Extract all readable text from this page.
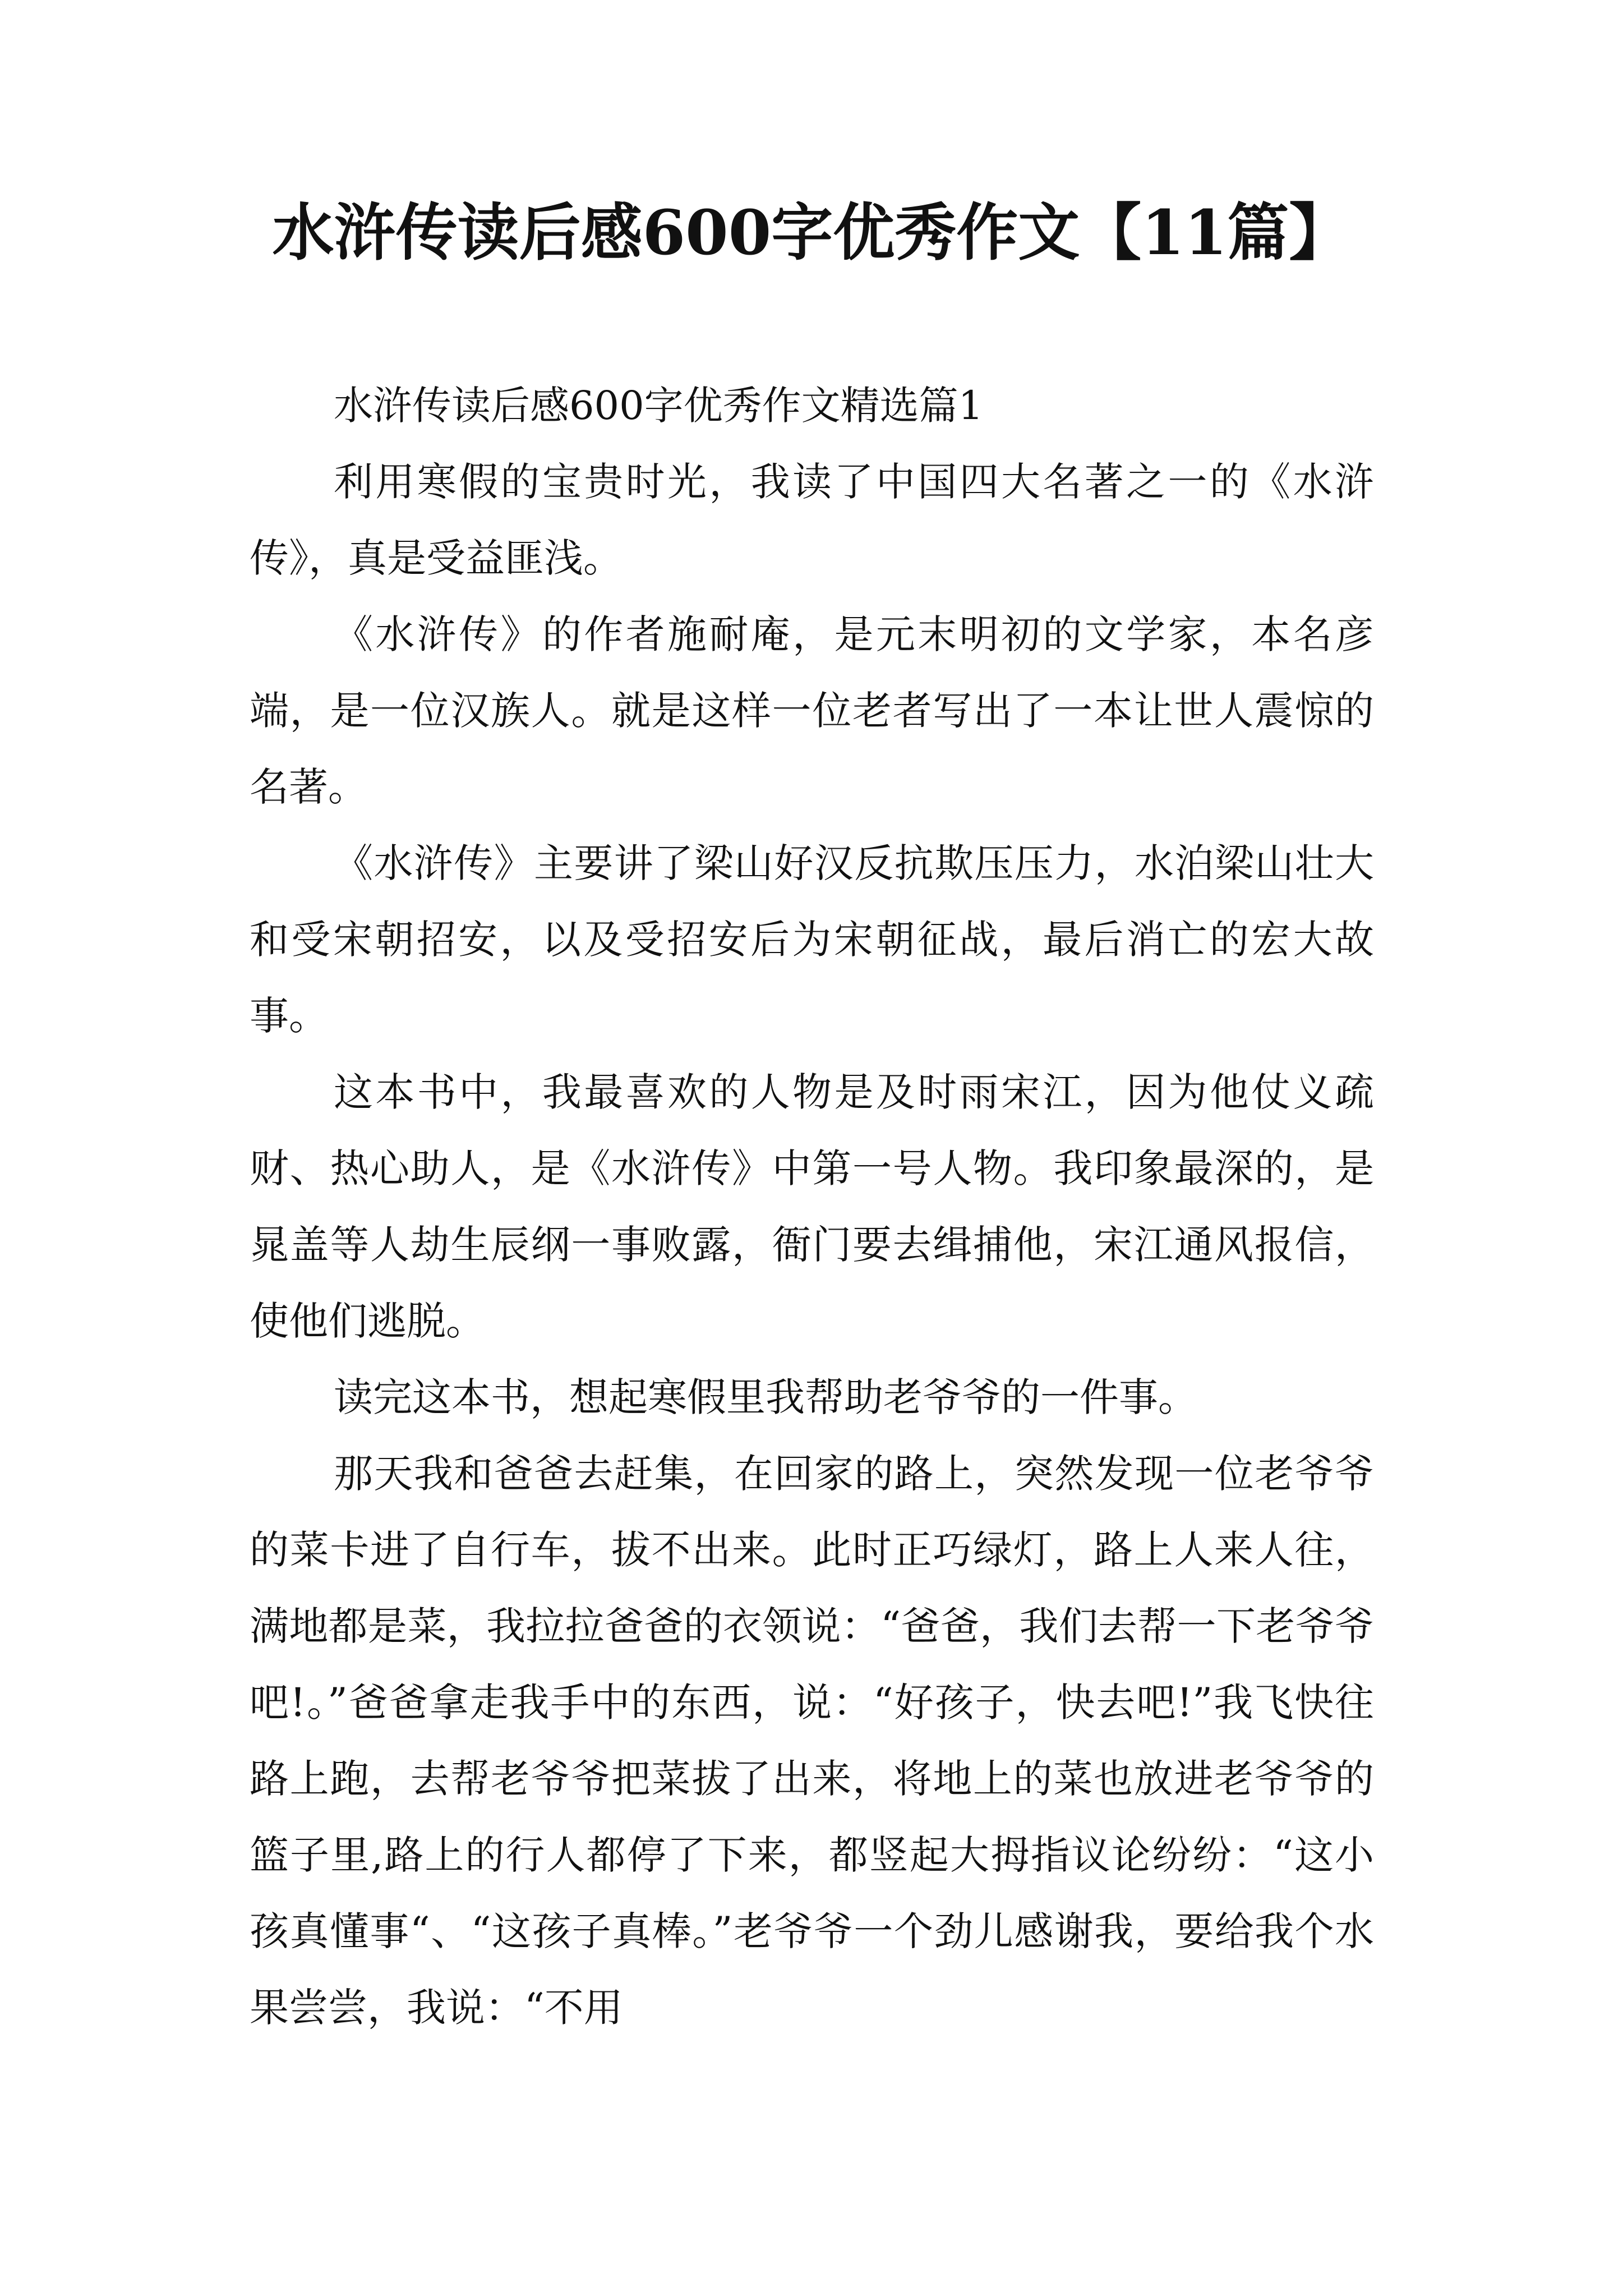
水浒传读后感600字优秀作文【11篇】

水浒传读后感600字优秀作文精选篇1

利用寒假的宝贵时光，我读了中国四大名著之一的《水浒传》，真是受益匪浅。

《水浒传》的作者施耐庵，是元末明初的文学家，本名彦端，是一位汉族人。就是这样一位老者写出了一本让世人震惊的名著。

《水浒传》主要讲了梁山好汉反抗欺压压力，水泊梁山壮大和受宋朝招安，以及受招安后为宋朝征战，最后消亡的宏大故事。

这本书中，我最喜欢的人物是及时雨宋江，因为他仗义疏财、热心助人，是《水浒传》中第一号人物。我印象最深的，是晁盖等人劫生辰纲一事败露，衙门要去缉捕他，宋江通风报信，使他们逃脱。

读完这本书，想起寒假里我帮助老爷爷的一件事。

那天我和爸爸去赶集，在回家的路上，突然发现一位老爷爷的菜卡进了自行车，拔不出来。此时正巧绿灯，路上人来人往，满地都是菜，我拉拉爸爸的衣领说：“爸爸，我们去帮一下老爷爷吧!。”爸爸拿走我手中的东西，说：“好孩子，快去吧!”我飞快往路上跑，去帮老爷爷把菜拔了出来，将地上的菜也放进老爷爷的篮子里,路上的行人都停了下来，都竖起大拇指议论纷纷：“这小孩真懂事“、“这孩子真棒。”老爷爷一个劲儿感谢我，要给我个水果尝尝，我说：“不用
